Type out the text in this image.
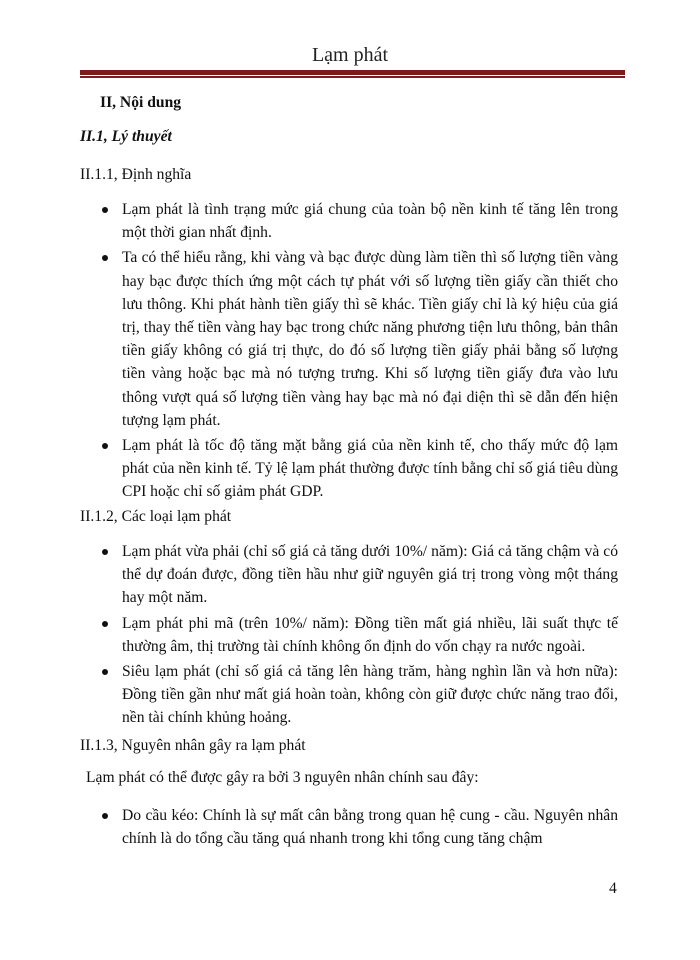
Lạm phát
II, Nội dung
II.1, Lý thuyết
II.1.1, Định nghĩa
Lạm phát là tình trạng mức giá chung của toàn bộ nền kinh tế tăng lên trong một thời gian nhất định.
Ta có thể hiểu rằng, khi vàng và bạc được dùng làm tiền thì số lượng tiền vàng hay bạc được thích ứng một cách tự phát với số lượng tiền giấy cần thiết cho lưu thông. Khi phát hành tiền giấy thì sẽ khác. Tiền giấy chỉ là ký hiệu của giá trị, thay thế tiền vàng hay bạc trong chức năng phương tiện lưu thông, bản thân tiền giấy không có giá trị thực, do đó số lượng tiền giấy phải bằng số lượng tiền vàng hoặc bạc mà nó tượng trưng. Khi số lượng tiền giấy đưa vào lưu thông vượt quá số lượng tiền vàng hay bạc mà nó đại diện thì sẽ dẫn đến hiện tượng lạm phát.
Lạm phát là tốc độ tăng mặt bằng giá của nền kinh tế, cho thấy mức độ lạm phát của nền kinh tế. Tỷ lệ lạm phát thường được tính bằng chỉ số giá tiêu dùng CPI hoặc chỉ số giảm phát GDP.
II.1.2, Các loại lạm phát
Lạm phát vừa phải (chỉ số giá cả tăng dưới 10%/ năm): Giá cả tăng chậm và có thể dự đoán được, đồng tiền hầu như giữ nguyên giá trị trong vòng một tháng hay một năm.
Lạm phát phi mã (trên 10%/ năm): Đồng tiền mất giá nhiều, lãi suất thực tế thường âm, thị trường tài chính không ổn định do vốn chạy ra nước ngoài.
Siêu lạm phát (chỉ số giá cả tăng lên hàng trăm, hàng nghìn lần và hơn nữa): Đồng tiền gần như mất giá hoàn toàn, không còn giữ được chức năng trao đổi, nền tài chính khủng hoảng.
II.1.3, Nguyên nhân gây ra lạm phát
Lạm phát có thể được gây ra bởi 3 nguyên nhân chính sau đây:
Do cầu kéo: Chính là sự mất cân bằng trong quan hệ cung - cầu. Nguyên nhân chính là do tổng cầu tăng quá nhanh trong khi tổng cung tăng chậm
4
